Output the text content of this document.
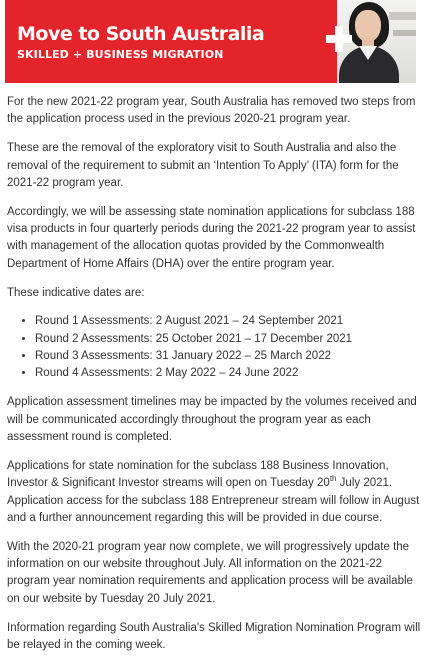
Move to South Australia
SKILLED + BUSINESS MIGRATION

For the new 2021-22 program year, South Australia has removed two steps from the application process used in the previous 2020-21 program year.

These are the removal of the exploratory visit to South Australia and also the removal of the requirement to submit an ‘Intention To Apply’ (ITA) form for the 2021-22 program year.

Accordingly, we will be assessing state nomination applications for subclass 188 visa products in four quarterly periods during the 2021-22 program year to assist with management of the allocation quotas provided by the Commonwealth Department of Home Affairs (DHA) over the entire program year.

These indicative dates are:

• Round 1 Assessments: 2 August 2021 – 24 September 2021
• Round 2 Assessments: 25 October 2021 – 17 December 2021
• Round 3 Assessments: 31 January 2022 – 25 March 2022
• Round 4 Assessments: 2 May 2022 – 24 June 2022

Application assessment timelines may be impacted by the volumes received and will be communicated accordingly throughout the program year as each assessment round is completed.

Applications for state nomination for the subclass 188 Business Innovation, Investor & Significant Investor streams will open on Tuesday 20th July 2021. Application access for the subclass 188 Entrepreneur stream will follow in August and a further announcement regarding this will be provided in due course.

With the 2020-21 program year now complete, we will progressively update the information on our website throughout July. All information on the 2021-22 program year nomination requirements and application process will be available on our website by Tuesday 20 July 2021.

Information regarding South Australia's Skilled Migration Nomination Program will be relayed in the coming week.
